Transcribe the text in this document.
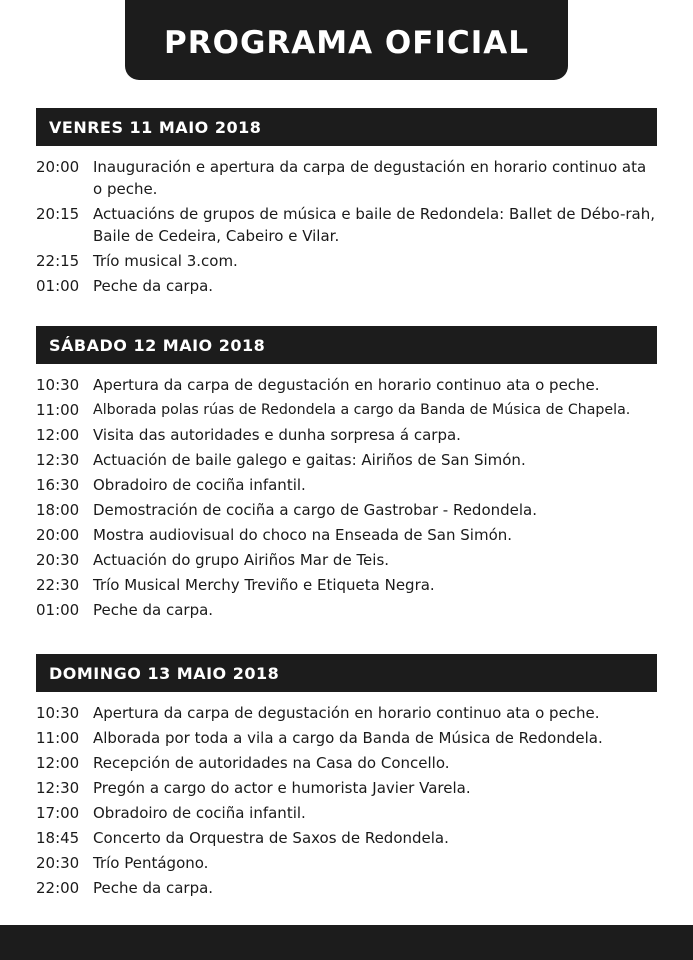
PROGRAMA OFICIAL
VENRES 11 MAIO 2018
20:00 Inauguración e apertura da carpa de degustación en horario continuo ata o peche.
20:15 Actuacións de grupos de música e baile de Redondela: Ballet de Débo-rah, Baile de Cedeira, Cabeiro e Vilar.
22:15 Trío musical 3.com.
01:00 Peche da carpa.
SÁBADO 12 MAIO 2018
10:30 Apertura da carpa de degustación en horario continuo ata o peche.
11:00 Alborada polas rúas de Redondela a cargo da Banda de Música de Chapela.
12:00 Visita das autoridades e dunha sorpresa á carpa.
12:30 Actuación de baile galego e gaitas: Airiños de San Simón.
16:30 Obradoiro de cociña infantil.
18:00 Demostración de cociña a cargo de Gastrobar - Redondela.
20:00 Mostra audiovisual do choco na Enseada de San Simón.
20:30 Actuación do grupo Airiños Mar de Teis.
22:30 Trío Musical Merchy Treviño e Etiqueta Negra.
01:00 Peche da carpa.
DOMINGO 13 MAIO 2018
10:30 Apertura da carpa de degustación en horario continuo ata o peche.
11:00 Alborada por toda a vila a cargo da Banda de Música de Redondela.
12:00 Recepción de autoridades na Casa do Concello.
12:30 Pregón a cargo do actor e humorista Javier Varela.
17:00 Obradoiro de cociña infantil.
18:45 Concerto da Orquestra de Saxos de Redondela.
20:30 Trío Pentágono.
22:00 Peche da carpa.
